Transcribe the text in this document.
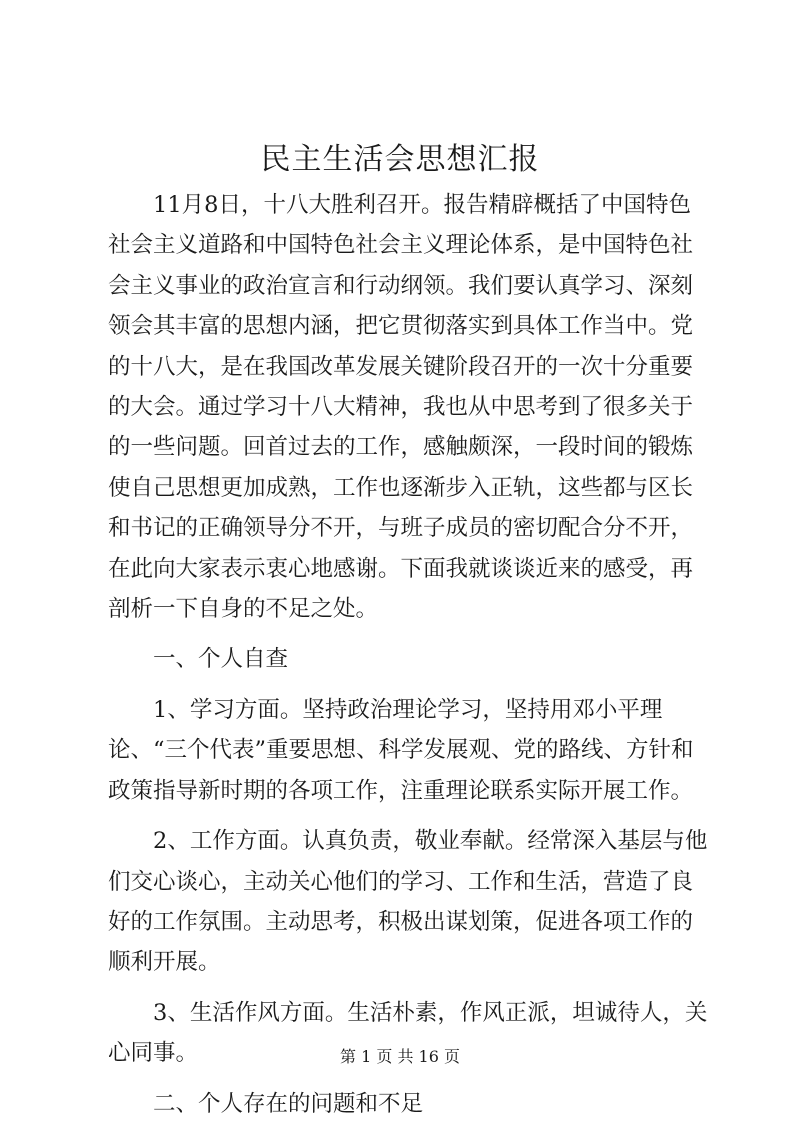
民主生活会思想汇报

11月8日，十八大胜利召开。报告精辟概括了中国特色社会主义道路和中国特色社会主义理论体系，是中国特色社会主义事业的政治宣言和行动纲领。我们要认真学习、深刻领会其丰富的思想内涵，把它贯彻落实到具体工作当中。党的十八大，是在我国改革发展关键阶段召开的一次十分重要的大会。通过学习十八大精神，我也从中思考到了很多关于的一些问题。回首过去的工作，感触颇深，一段时间的锻炼使自己思想更加成熟，工作也逐渐步入正轨，这些都与区长和书记的正确领导分不开，与班子成员的密切配合分不开，在此向大家表示衷心地感谢。下面我就谈谈近来的感受，再剖析一下自身的不足之处。

一、个人自查

1、学习方面。坚持政治理论学习，坚持用邓小平理论、“三个代表”重要思想、科学发展观、党的路线、方针和政策指导新时期的各项工作，注重理论联系实际开展工作。

2、工作方面。认真负责，敬业奉献。经常深入基层与他们交心谈心，主动关心他们的学习、工作和生活，营造了良好的工作氛围。主动思考，积极出谋划策，促进各项工作的顺利开展。

3、生活作风方面。生活朴素，作风正派，坦诚待人，关心同事。

二、个人存在的问题和不足

第 1 页 共 16 页
